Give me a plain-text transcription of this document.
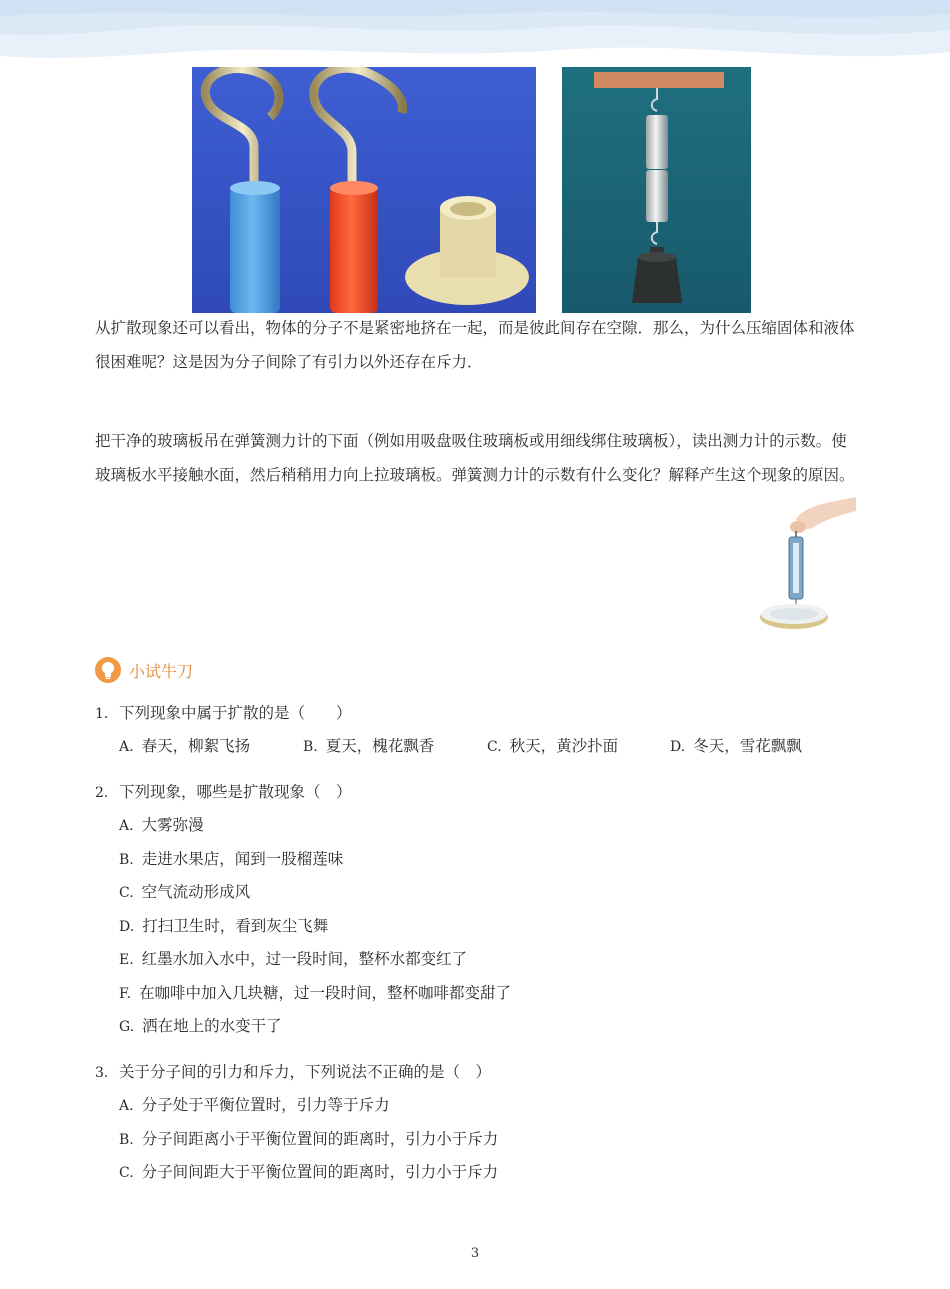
从扩散现象还可以看出，物体的分子不是紧密地挤在一起，而是彼此间存在空隙．那么，为什么压缩固体和液体很困难呢？这是因为分子间除了有引力以外还存在斥力．

把干净的玻璃板吊在弹簧测力计的下面（例如用吸盘吸住玻璃板或用细线绑住玻璃板），读出测力计的示数。使玻璃板水平接触水面，然后稍稍用力向上拉玻璃板。弹簧测力计的示数有什么变化？解释产生这个现象的原因。

小试牛刀
1. 下列现象中属于扩散的是（　　）
A. 春天，柳絮飞扬	B. 夏天，槐花飘香	C. 秋天，黄沙扑面	D. 冬天，雪花飘飘
2. 下列现象，哪些是扩散现象（　）
A. 大雾弥漫
B. 走进水果店，闻到一股榴莲味
C. 空气流动形成风
D. 打扫卫生时，看到灰尘飞舞
E. 红墨水加入水中，过一段时间，整杯水都变红了
F. 在咖啡中加入几块糖，过一段时间，整杯咖啡都变甜了
G. 洒在地上的水变干了
3. 关于分子间的引力和斥力，下列说法不正确的是（　）
A. 分子处于平衡位置时，引力等于斥力
B. 分子间距离小于平衡位置间的距离时，引力小于斥力
C. 分子间间距大于平衡位置间的距离时，引力小于斥力
3
